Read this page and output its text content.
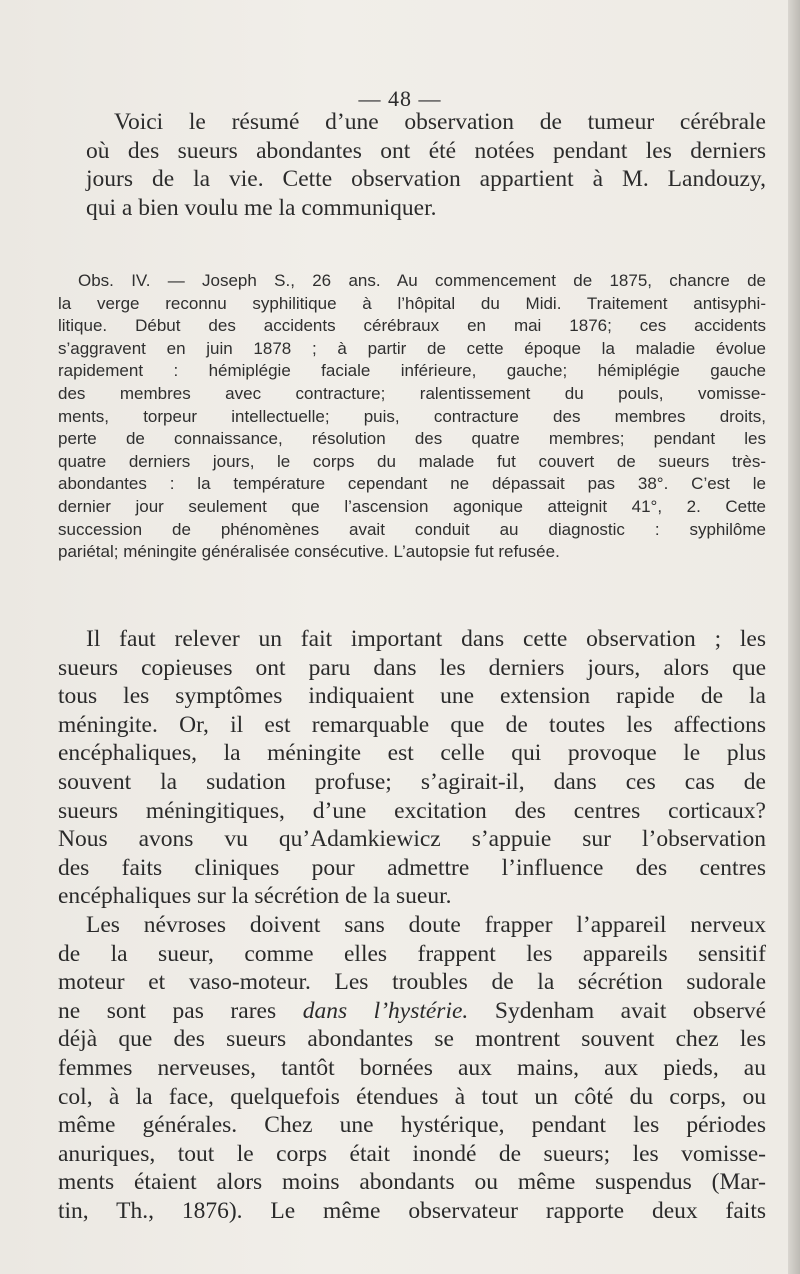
— 48 —
Voici le résumé d’une observation de tumeur cérébrale
où des sueurs abondantes ont été notées pendant les derniers
jours de la vie. Cette observation appartient à M. Landouzy,
qui a bien voulu me la communiquer.
Obs. IV. — Joseph S., 26 ans. Au commencement de 1875, chancre de
la verge reconnu syphilitique à l’hôpital du Midi. Traitement antisyphi-
litique. Début des accidents cérébraux en mai 1876; ces accidents
s’aggravent en juin 1878 ; à partir de cette époque la maladie évolue
rapidement : hémiplégie faciale inférieure, gauche; hémiplégie gauche
des membres avec contracture; ralentissement du pouls, vomisse-
ments, torpeur intellectuelle; puis, contracture des membres droits,
perte de connaissance, résolution des quatre membres; pendant les
quatre derniers jours, le corps du malade fut couvert de sueurs très-
abondantes : la température cependant ne dépassait pas 38°. C’est le
dernier jour seulement que l’ascension agonique atteignit 41°, 2. Cette
succession de phénomènes avait conduit au diagnostic : syphilôme
pariétal; méningite généralisée consécutive. L’autopsie fut refusée.
Il faut relever un fait important dans cette observation ; les
sueurs copieuses ont paru dans les derniers jours, alors que
tous les symptômes indiquaient une extension rapide de la
méningite. Or, il est remarquable que de toutes les affections
encéphaliques, la méningite est celle qui provoque le plus
souvent la sudation profuse; s’agirait-il, dans ces cas de
sueurs méningitiques, d’une excitation des centres corticaux?
Nous avons vu qu’Adamkiewicz s’appuie sur l’observation
des faits cliniques pour admettre l’influence des centres
encéphaliques sur la sécrétion de la sueur.
Les névroses doivent sans doute frapper l’appareil nerveux
de la sueur, comme elles frappent les appareils sensitif
moteur et vaso-moteur. Les troubles de la sécrétion sudorale
ne sont pas rares dans l’hystérie. Sydenham avait observé
déjà que des sueurs abondantes se montrent souvent chez les
femmes nerveuses, tantôt bornées aux mains, aux pieds, au
col, à la face, quelquefois étendues à tout un côté du corps, ou
même générales. Chez une hystérique, pendant les périodes
anuriques, tout le corps était inondé de sueurs; les vomisse-
ments étaient alors moins abondants ou même suspendus (Mar-
tin, Th., 1876). Le même observateur rapporte deux faits
